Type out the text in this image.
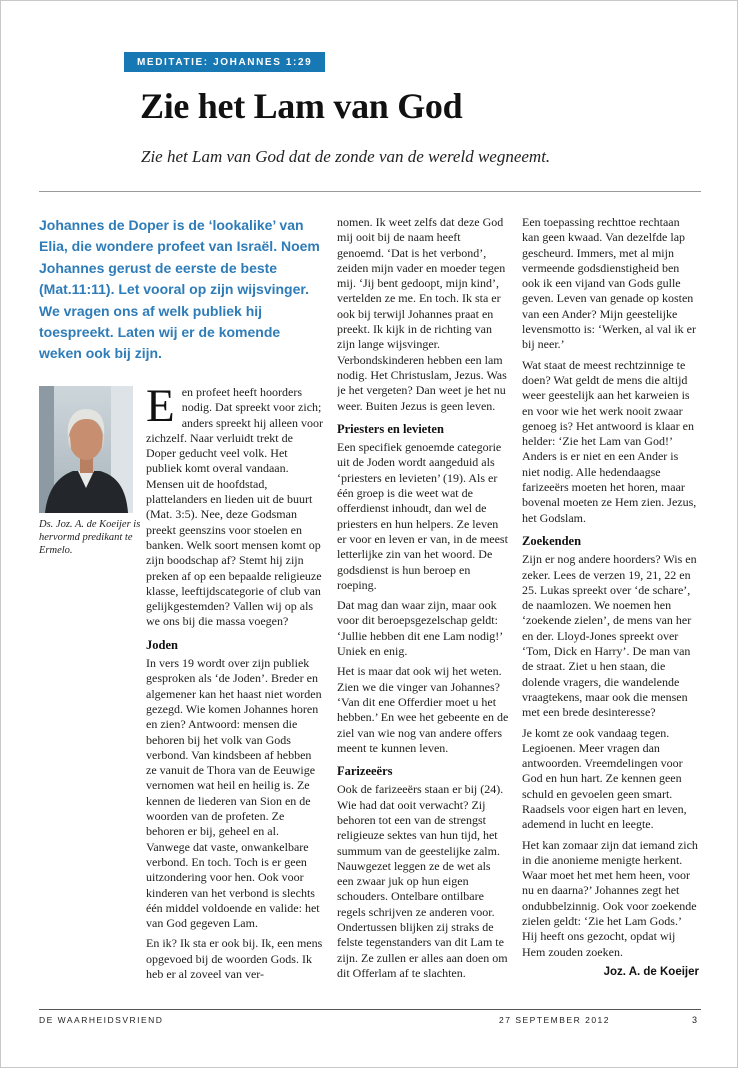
MEDITATIE: JOHANNES 1:29
Zie het Lam van God

Zie het Lam van God dat de zonde van de wereld wegneemt.

Johannes de Doper is de ‘lookalike’ van Elia, die wondere profeet van Israël. Noem Johannes gerust de eerste de beste (Mat.11:11). Let vooral op zijn wijsvinger. We vragen ons af welk publiek hij toespreekt. Laten wij er de komende weken ook bij zijn.
Ds. Joz. A. de Koeijer is hervormd predikant te Ermelo.

Een profeet heeft hoorders nodig. Dat spreekt voor zich; anders spreekt hij alleen voor zichzelf. Naar verluidt trekt de Doper geducht veel volk. Het publiek komt overal vandaan. Mensen uit de hoofdstad, plattelanders en lieden uit de buurt (Mat. 3:5). Nee, deze Godsman preekt geenszins voor stoelen en banken. Welk soort mensen komt op zijn boodschap af? Stemt hij zijn preken af op een bepaalde religieuze klasse, leeftijdscategorie of club van gelijkgestemden? Vallen wij op als we ons bij die massa voegen?

Joden

In vers 19 wordt over zijn publiek gesproken als ‘de Joden’. Breder en algemener kan het haast niet worden gezegd. Wie komen Johannes horen en zien? Antwoord: mensen die behoren bij het volk van Gods verbond. Van kindsbeen af hebben ze vanuit de Thora van de Eeuwige vernomen wat heil en heilig is. Ze kennen de liederen van Sion en de woorden van de profeten. Ze behoren er bij, geheel en al. Vanwege dat vaste, onwankelbare verbond. En toch. Toch is er geen uitzondering voor hen. Ook voor kinderen van het verbond is slechts één middel voldoende en valide: het van God gegeven Lam.

En ik? Ik sta er ook bij. Ik, een mens opgevoed bij de woorden Gods. Ik heb er al zoveel van ver-

nomen. Ik weet zelfs dat deze God mij ooit bij de naam heeft genoemd. ‘Dat is het verbond’, zeiden mijn vader en moeder tegen mij. ‘Jij bent gedoopt, mijn kind’, vertelden ze me. En toch. Ik sta er ook bij terwijl Johannes praat en preekt. Ik kijk in de richting van zijn lange wijsvinger. Verbondskinderen hebben een lam nodig. Het Christuslam, Jezus. Was je het vergeten? Dan weet je het nu weer. Buiten Jezus is geen leven.

Priesters en levieten

Een specifiek genoemde categorie uit de Joden wordt aangeduid als ‘priesters en levieten’ (19). Als er één groep is die weet wat de offerdienst inhoudt, dan wel de priesters en hun helpers. Ze leven er voor en leven er van, in de meest letterlijke zin van het woord. De godsdienst is hun beroep en roeping.

Dat mag dan waar zijn, maar ook voor dit beroepsgezelschap geldt: ‘Jullie hebben dit ene Lam nodig!’ Uniek en enig.

Het is maar dat ook wij het weten. Zien we die vinger van Johannes? ‘Van dit ene Offerdier moet u het hebben.’ En wee het gebeente en de ziel van wie nog van andere offers meent te kunnen leven.

Farizeeërs

Ook de farizeeërs staan er bij (24). Wie had dat ooit verwacht? Zij behoren tot een van de strengst religieuze sektes van hun tijd, het summum van de geestelijke zalm. Nauwgezet leggen ze de wet als een zwaar juk op hun eigen schouders. Ontelbare ontilbare regels schrijven ze anderen voor. Ondertussen blijken zij straks de felste tegenstanders van dit Lam te zijn. Ze zullen er alles aan doen om dit Offerlam af te slachten.

Een toepassing rechttoe rechtaan kan geen kwaad. Van dezelfde lap gescheurd. Immers, met al mijn vermeende godsdienstigheid ben ook ik een vijand van Gods gulle geven. Leven van genade op kosten van een Ander? Mijn geestelijke levensmotto is: ‘Werken, al val ik er bij neer.’

Wat staat de meest rechtzinnige te doen? Wat geldt de mens die altijd weer geestelijk aan het karweien is en voor wie het werk nooit zwaar genoeg is? Het antwoord is klaar en helder: ‘Zie het Lam van God!’ Anders is er niet en een Ander is niet nodig. Alle hedendaagse farizeeërs moeten het horen, maar bovenal moeten ze Hem zien. Jezus, het Godslam.

Zoekenden

Zijn er nog andere hoorders? Wis en zeker. Lees de verzen 19, 21, 22 en 25. Lukas spreekt over ‘de schare’, de naamlozen. We noemen hen ‘zoekende zielen’, de mens van her en der. Lloyd-Jones spreekt over ‘Tom, Dick en Harry’. De man van de straat. Ziet u hen staan, die dolende vragers, die wandelende vraagtekens, maar ook die mensen met een brede desinteresse?

Je komt ze ook vandaag tegen. Legioenen. Meer vragen dan antwoorden. Vreemdelingen voor God en hun hart. Ze kennen geen schuld en gevoelen geen smart. Raadsels voor eigen hart en leven, ademend in lucht en leegte.

Het kan zomaar zijn dat iemand zich in die anonieme menigte herkent. Waar moet het met hem heen, voor nu en daarna?’ Johannes zegt het ondubbelzinnig. Ook voor zoekende zielen geldt: ‘Zie het Lam Gods.’ Hij heeft ons gezocht, opdat wij Hem zouden zoeken.

Joz. A. de Koeijer
DE WAARHEIDSVRIEND	27 SEPTEMBER 2012	3
